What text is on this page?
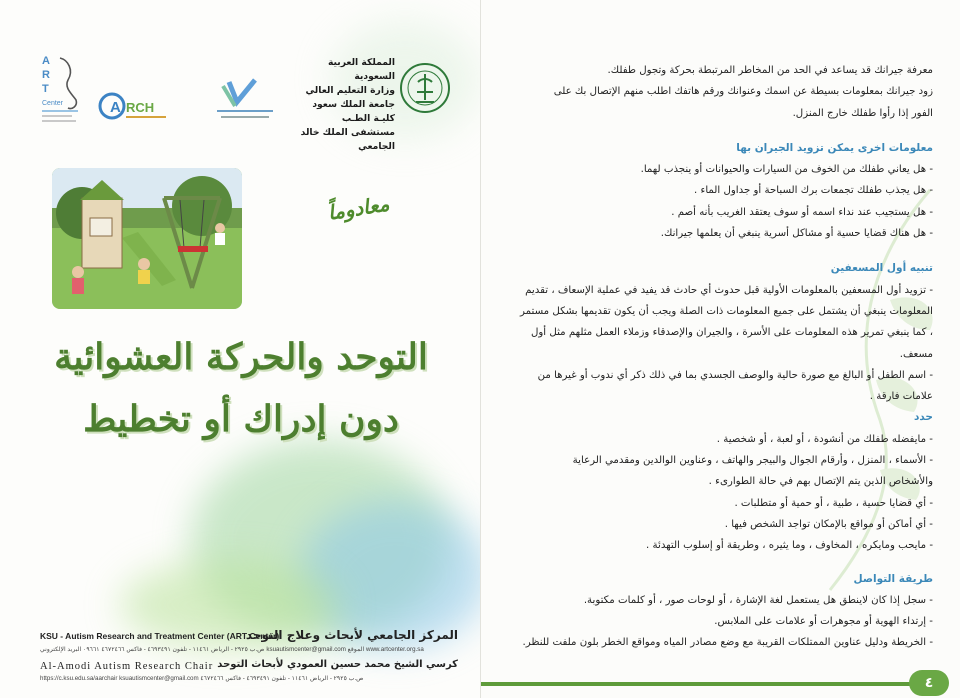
A
R
T
Center	A RCH
المملكة العربية السعودية
وزارة التعليم العالي
جامعة الملك سعود
كليـة الطـب
مستشفى الملك خالد الجامعي
معادوماً
التوحد والحركة العشوائية
دون إدراك أو تخطيط
KSU - Autism Research and Treatment Center (ART Center)
المركز الجامعي لأبحاث وعلاج التوحد
ص.ب ٢٩٢٥ - الرياض ١١٤٦١ - تلفون ٤٦٩٣٤٩١ - فاكس ٤٦٧٢٤٦٦ ٠٩٦٦١ البريد الإلكتروني ksuautismcenter@gmail.com الموقع www.artcenter.org.sa
Al-Amodi Autism Research Chair كرسي الشيخ محمد حسين العمودي لأبحاث التوحد
https://c.ksu.edu.sa/aarchair ksuautismcenter@gmail.com ص.ب ٢٩٢٥ - الرياض ١١٤٦١ - تلفون ٤٦٩٣٤٩١ - فاكس ٤٦٧٢٤٦٦

معرفة جيرانك قد يساعد في الحد من المخاطر المرتبطة بحركة وتجول طفلك.

زود جيرانك بمعلومات بسيطة عن اسمك وعنوانك ورقم هاتفك اطلب منهم الإتصال بك على

الفور إذا رأوا طفلك خارج المنزل.

معلومات اخرى يمكن تزويد الجيران بها

- هل يعاني طفلك من الخوف من السيارات والحيوانات أو ينجذب لهما.

- هل يجذب طفلك تجمعات برك السباحة أو جداول الماء .

- هل يستجيب عند نداء اسمه أو سوف يعتقد الغريب بأنه أصم .

- هل هناك قضايا حسية أو مشاكل أسرية ينبغي أن يعلمها جيرانك.

تنبيه أول المسعفين

- تزويد أول المسعفين بالمعلومات الأولية قبل حدوث أي حادث قد يفيد في عملية الإسعاف ، تقديم

المعلومات ينبغي أن يشتمل على جميع المعلومات ذات الصلة ويجب أن يكون تقديمها بشكل مستمر

، كما ينبغي تمرير هذه المعلومات على الأسرة ، والجيران والإصدقاء وزملاء العمل مثلهم مثل أول

مسعف.

- اسم الطفل أو البالغ مع صورة حالية والوصف الجسدي بما في ذلك ذكر أي ندوب أو غيرها من

علامات فارقة .

حدد

- مايفضله طفلك من أنشودة ، أو لعبة ، أو شخصية .

- الأسماء ، المنزل ، وأرقام الجوال والبيجر والهاتف ، وعناوين الوالدين ومقدمي الرعاية

والأشخاص الذين يتم الإتصال بهم في حالة الطوارىء .

- أي قضايا حسية ، طبية ، أو حمية أو متطلبات .

- أي أماكن أو مواقع بالإمكان تواجد الشخص فيها .

- مايحب ومايكره ، المخاوف ، وما يثيره ، وطريقة أو إسلوب التهدئة .

طريقة التواصل

- سجل إذا كان لاينطق هل يستعمل لغة الإشارة ، أو لوحات صور ، أو كلمات مكتوبة.

- إرتداء الهوية أو مجوهرات أو علامات على الملابس.

- الخريطة ودليل عناوين الممتلكات القريبة مع وضع مصادر المياه ومواقع الخطر بلون ملفت للنظر.

٤
